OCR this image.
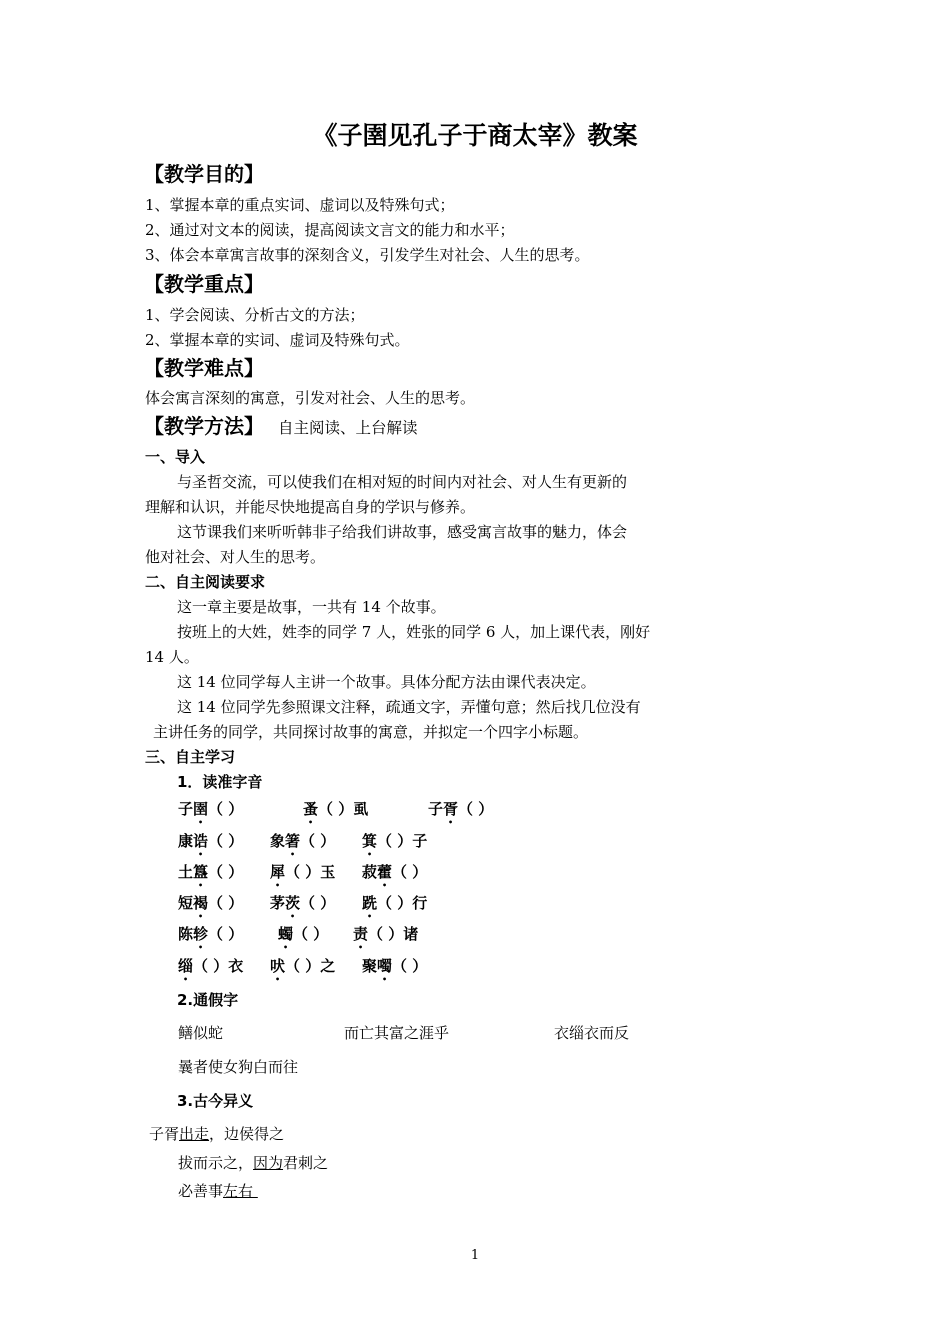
《子圉见孔子于商太宰》教案
【教学目的】
1、掌握本章的重点实词、虚词以及特殊句式；
2、通过对文本的阅读，提高阅读文言文的能力和水平；
3、体会本章寓言故事的深刻含义，引发学生对社会、人生的思考。
【教学重点】
1、学会阅读、分析古文的方法；
2、掌握本章的实词、虚词及特殊句式。
【教学难点】
体会寓言深刻的寓意，引发对社会、人生的思考。
【教学方法】 自主阅读、上台解读
一、导入
与圣哲交流，可以使我们在相对短的时间内对社会、对人生有更新的
理解和认识，并能尽快地提高自身的学识与修养。
这节课我们来听听韩非子给我们讲故事，感受寓言故事的魅力，体会
他对社会、对人生的思考。
二、自主阅读要求
这一章主要是故事，一共有 14 个故事。
按班上的大姓，姓李的同学 7 人，姓张的同学 6 人，加上课代表，刚好
14 人。
这 14 位同学每人主讲一个故事。具体分配方法由课代表决定。
这 14 位同学先参照课文注释，疏通文字，弄懂句意；然后找几位没有
主讲任务的同学，共同探讨故事的寓意，并拟定一个四字小标题。
三、自主学习
1．读准字音
子圉（ ）	蚤（ ）虱	子胥（ ）
康诰（ ） 象箸（ ） 箕（ ）子
土簋（ ） 犀（ ）玉 菽藿（ ）
短褐（ ） 茅茨（ ） 跣（ ）行
陈轸（ ） 蠋（ ） 责（ ）诸
缁（ ）衣 吠（ ）之 聚噣（ ）
2.通假字
鳝似蛇	而亡其富之涯乎	衣缁衣而反
曩者使女狗白而往
3.古今异义
子胥出走，边侯得之
拔而示之，因为君刺之
必善事左右
1
